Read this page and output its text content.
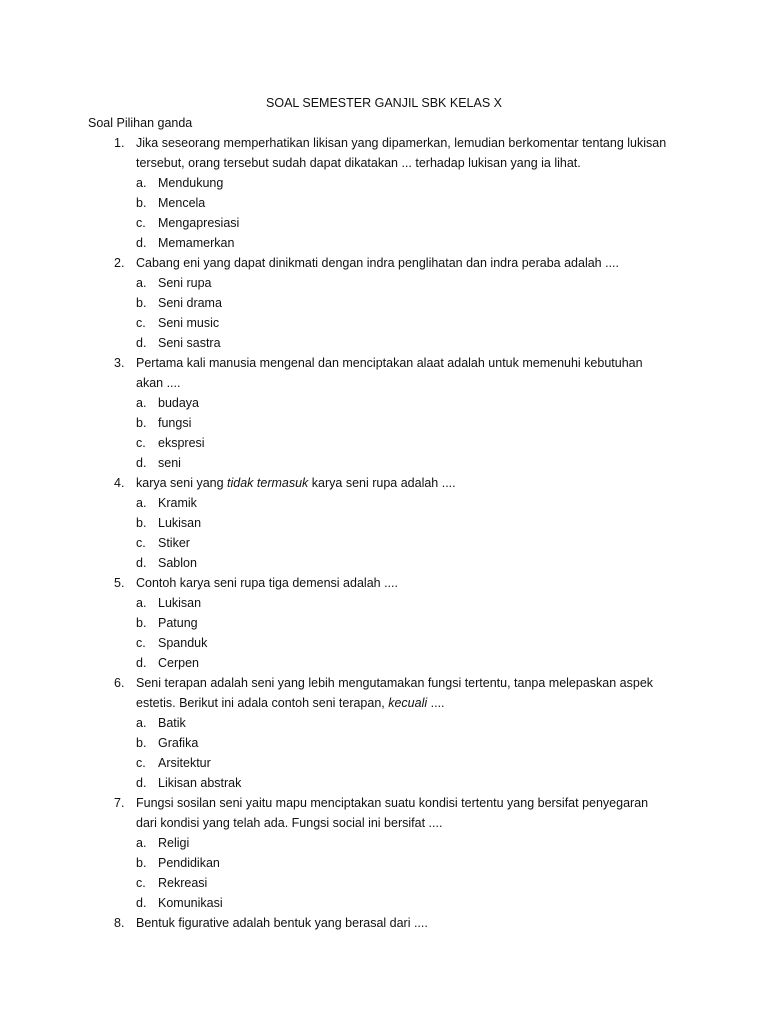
SOAL SEMESTER GANJIL SBK KELAS X
Soal Pilihan ganda
1. Jika seseorang memperhatikan likisan yang dipamerkan, lemudian berkomentar tentang lukisan
tersebut, orang tersebut sudah dapat dikatakan ... terhadap lukisan yang ia lihat.
a. Mendukung
b. Mencela
c. Mengapresiasi
d. Memamerkan
2. Cabang eni yang dapat dinikmati dengan indra penglihatan dan indra peraba adalah ....
a. Seni rupa
b. Seni drama
c. Seni music
d. Seni sastra
3. Pertama kali manusia mengenal dan menciptakan alaat adalah untuk memenuhi kebutuhan
akan ....
a. budaya
b. fungsi
c. ekspresi
d. seni
4. karya seni yang tidak termasuk karya seni rupa adalah ....
a. Kramik
b. Lukisan
c. Stiker
d. Sablon
5. Contoh karya seni rupa tiga demensi adalah ....
a. Lukisan
b. Patung
c. Spanduk
d. Cerpen
6. Seni terapan adalah seni yang lebih mengutamakan fungsi tertentu, tanpa melepaskan aspek
estetis. Berikut ini adala contoh seni terapan, kecuali ....
a. Batik
b. Grafika
c. Arsitektur
d. Likisan abstrak
7. Fungsi sosilan seni yaitu mapu menciptakan suatu kondisi tertentu yang bersifat penyegaran
dari kondisi yang telah ada. Fungsi social ini bersifat ....
a. Religi
b. Pendidikan
c. Rekreasi
d. Komunikasi
8. Bentuk figurative adalah bentuk yang berasal dari ....
